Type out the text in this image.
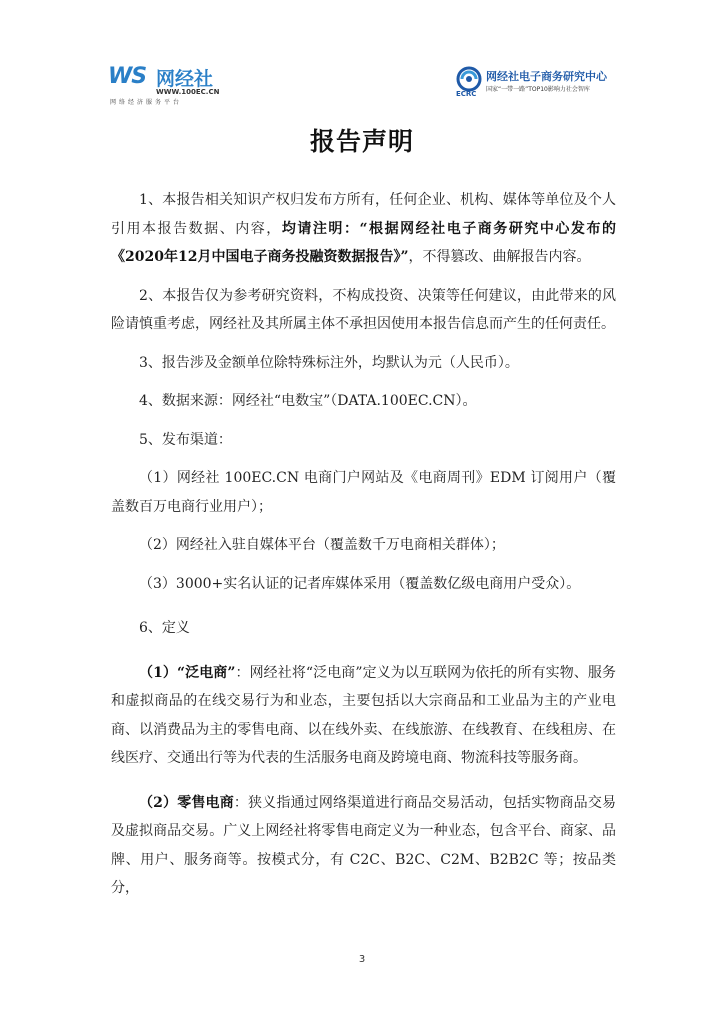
WS 网经社
WWW.100EC.CN
网络经济服务平台
网经社电子商务研究中心
国家“一带一路”TOP10影响力社会智库
ECRC
报告声明

1、本报告相关知识产权归发布方所有，任何企业、机构、媒体等单位及个人引用本报告数据、内容，均请注明：“根据网经社电子商务研究中心发布的《2020年12月中国电子商务投融资数据报告》”，不得篡改、曲解报告内容。

2、本报告仅为参考研究资料，不构成投资、决策等任何建议，由此带来的风险请慎重考虑，网经社及其所属主体不承担因使用本报告信息而产生的任何责任。

3、报告涉及金额单位除特殊标注外，均默认为元（人民币）。

4、数据来源：网经社“电数宝”（DATA.100EC.CN）。

5、发布渠道：

（1）网经社 100EC.CN 电商门户网站及《电商周刊》EDM 订阅用户（覆盖数百万电商行业用户）；

（2）网经社入驻自媒体平台（覆盖数千万电商相关群体）；

（3）3000+实名认证的记者库媒体采用（覆盖数亿级电商用户受众）。

6、定义

（1）“泛电商”：网经社将“泛电商”定义为以互联网为依托的所有实物、服务和虚拟商品的在线交易行为和业态，主要包括以大宗商品和工业品为主的产业电商、以消费品为主的零售电商、以在线外卖、在线旅游、在线教育、在线租房、在线医疗、交通出行等为代表的生活服务电商及跨境电商、物流科技等服务商。

（2）零售电商：狭义指通过网络渠道进行商品交易活动，包括实物商品交易及虚拟商品交易。广义上网经社将零售电商定义为一种业态，包含平台、商家、品牌、用户、服务商等。按模式分，有 C2C、B2C、C2M、B2B2C 等；按品类分，

3
